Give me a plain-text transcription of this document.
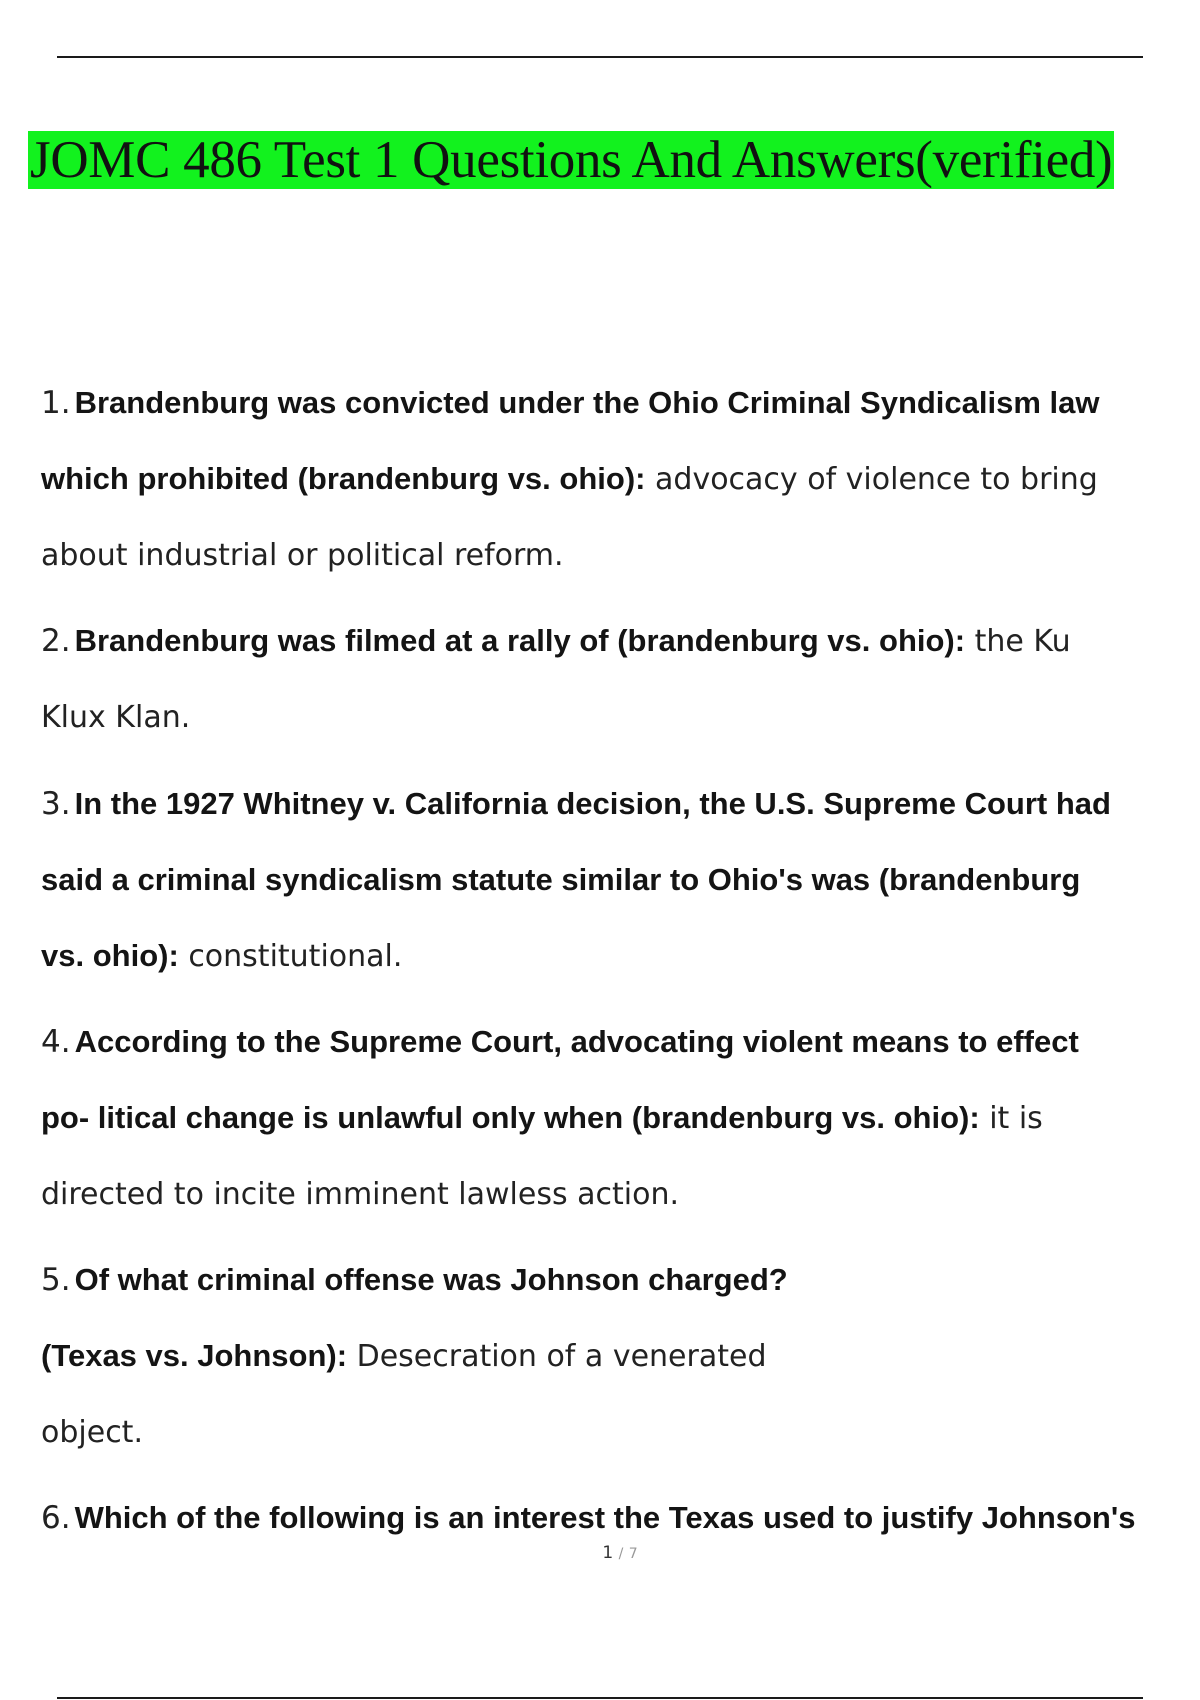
JOMC 486 Test 1 Questions And Answers(verified)
1. Brandenburg was convicted under the Ohio Criminal Syndicalism law
which prohibited (brandenburg vs. ohio): advocacy of violence to bring
about industrial or political reform.
2. Brandenburg was filmed at a rally of (brandenburg vs. ohio): the Ku
Klux Klan.
3. In the 1927 Whitney v. California decision, the U.S. Supreme Court had
said a criminal syndicalism statute similar to Ohio's was (brandenburg
vs. ohio): constitutional.
4. According to the Supreme Court, advocating violent means to effect
po- litical change is unlawful only when (brandenburg vs. ohio): it is
directed to incite imminent lawless action.
5. Of what criminal offense was Johnson charged?
(Texas vs. Johnson): Desecration of a venerated
object.
6. Which of the following is an interest the Texas used to justify Johnson's
1 / 7
